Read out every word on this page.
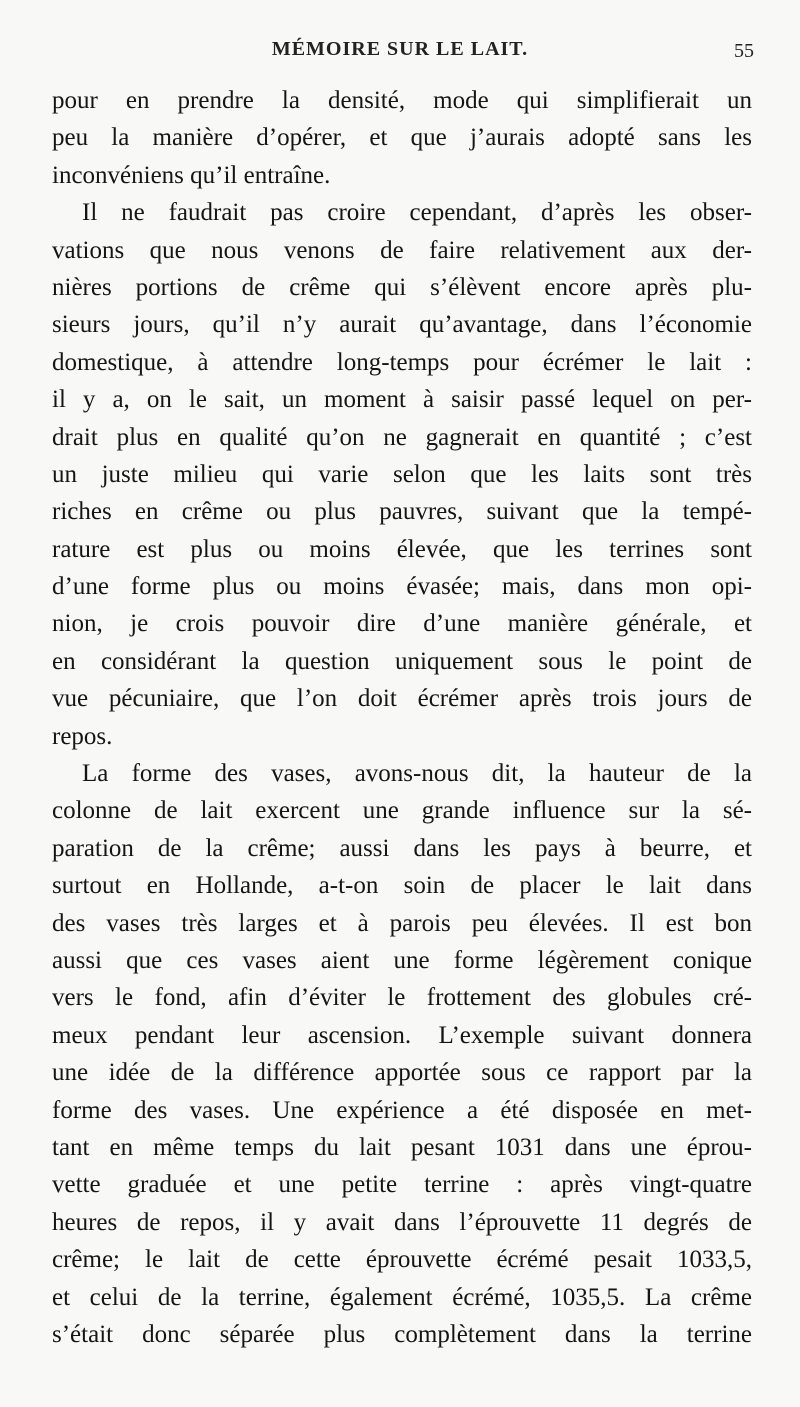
MÉMOIRE SUR LE LAIT.	55
pour en prendre la densité, mode qui simplifierait un
peu la manière d’opérer, et que j’aurais adopté sans les
inconvéniens qu’il entraîne.
Il ne faudrait pas croire cependant, d’après les obser-
vations que nous venons de faire relativement aux der-
nières portions de crême qui s’élèvent encore après plu-
sieurs jours, qu’il n’y aurait qu’avantage, dans l’économie
domestique, à attendre long-temps pour écrémer le lait :
il y a, on le sait, un moment à saisir passé lequel on per-
drait plus en qualité qu’on ne gagnerait en quantité ; c’est
un juste milieu qui varie selon que les laits sont très
riches en crême ou plus pauvres, suivant que la tempé-
rature est plus ou moins élevée, que les terrines sont
d’une forme plus ou moins évasée; mais, dans mon opi-
nion, je crois pouvoir dire d’une manière générale, et
en considérant la question uniquement sous le point de
vue pécuniaire, que l’on doit écrémer après trois jours de
repos.
La forme des vases, avons-nous dit, la hauteur de la
colonne de lait exercent une grande influence sur la sé-
paration de la crême; aussi dans les pays à beurre, et
surtout en Hollande, a-t-on soin de placer le lait dans
des vases très larges et à parois peu élevées. Il est bon
aussi que ces vases aient une forme légèrement conique
vers le fond, afin d’éviter le frottement des globules cré-
meux pendant leur ascension. L’exemple suivant donnera
une idée de la différence apportée sous ce rapport par la
forme des vases. Une expérience a été disposée en met-
tant en même temps du lait pesant 1031 dans une éprou-
vette graduée et une petite terrine : après vingt-quatre
heures de repos, il y avait dans l’éprouvette 11 degrés de
crême; le lait de cette éprouvette écrémé pesait 1033,5,
et celui de la terrine, également écrémé, 1035,5. La crême
s’était donc séparée plus complètement dans la terrine
